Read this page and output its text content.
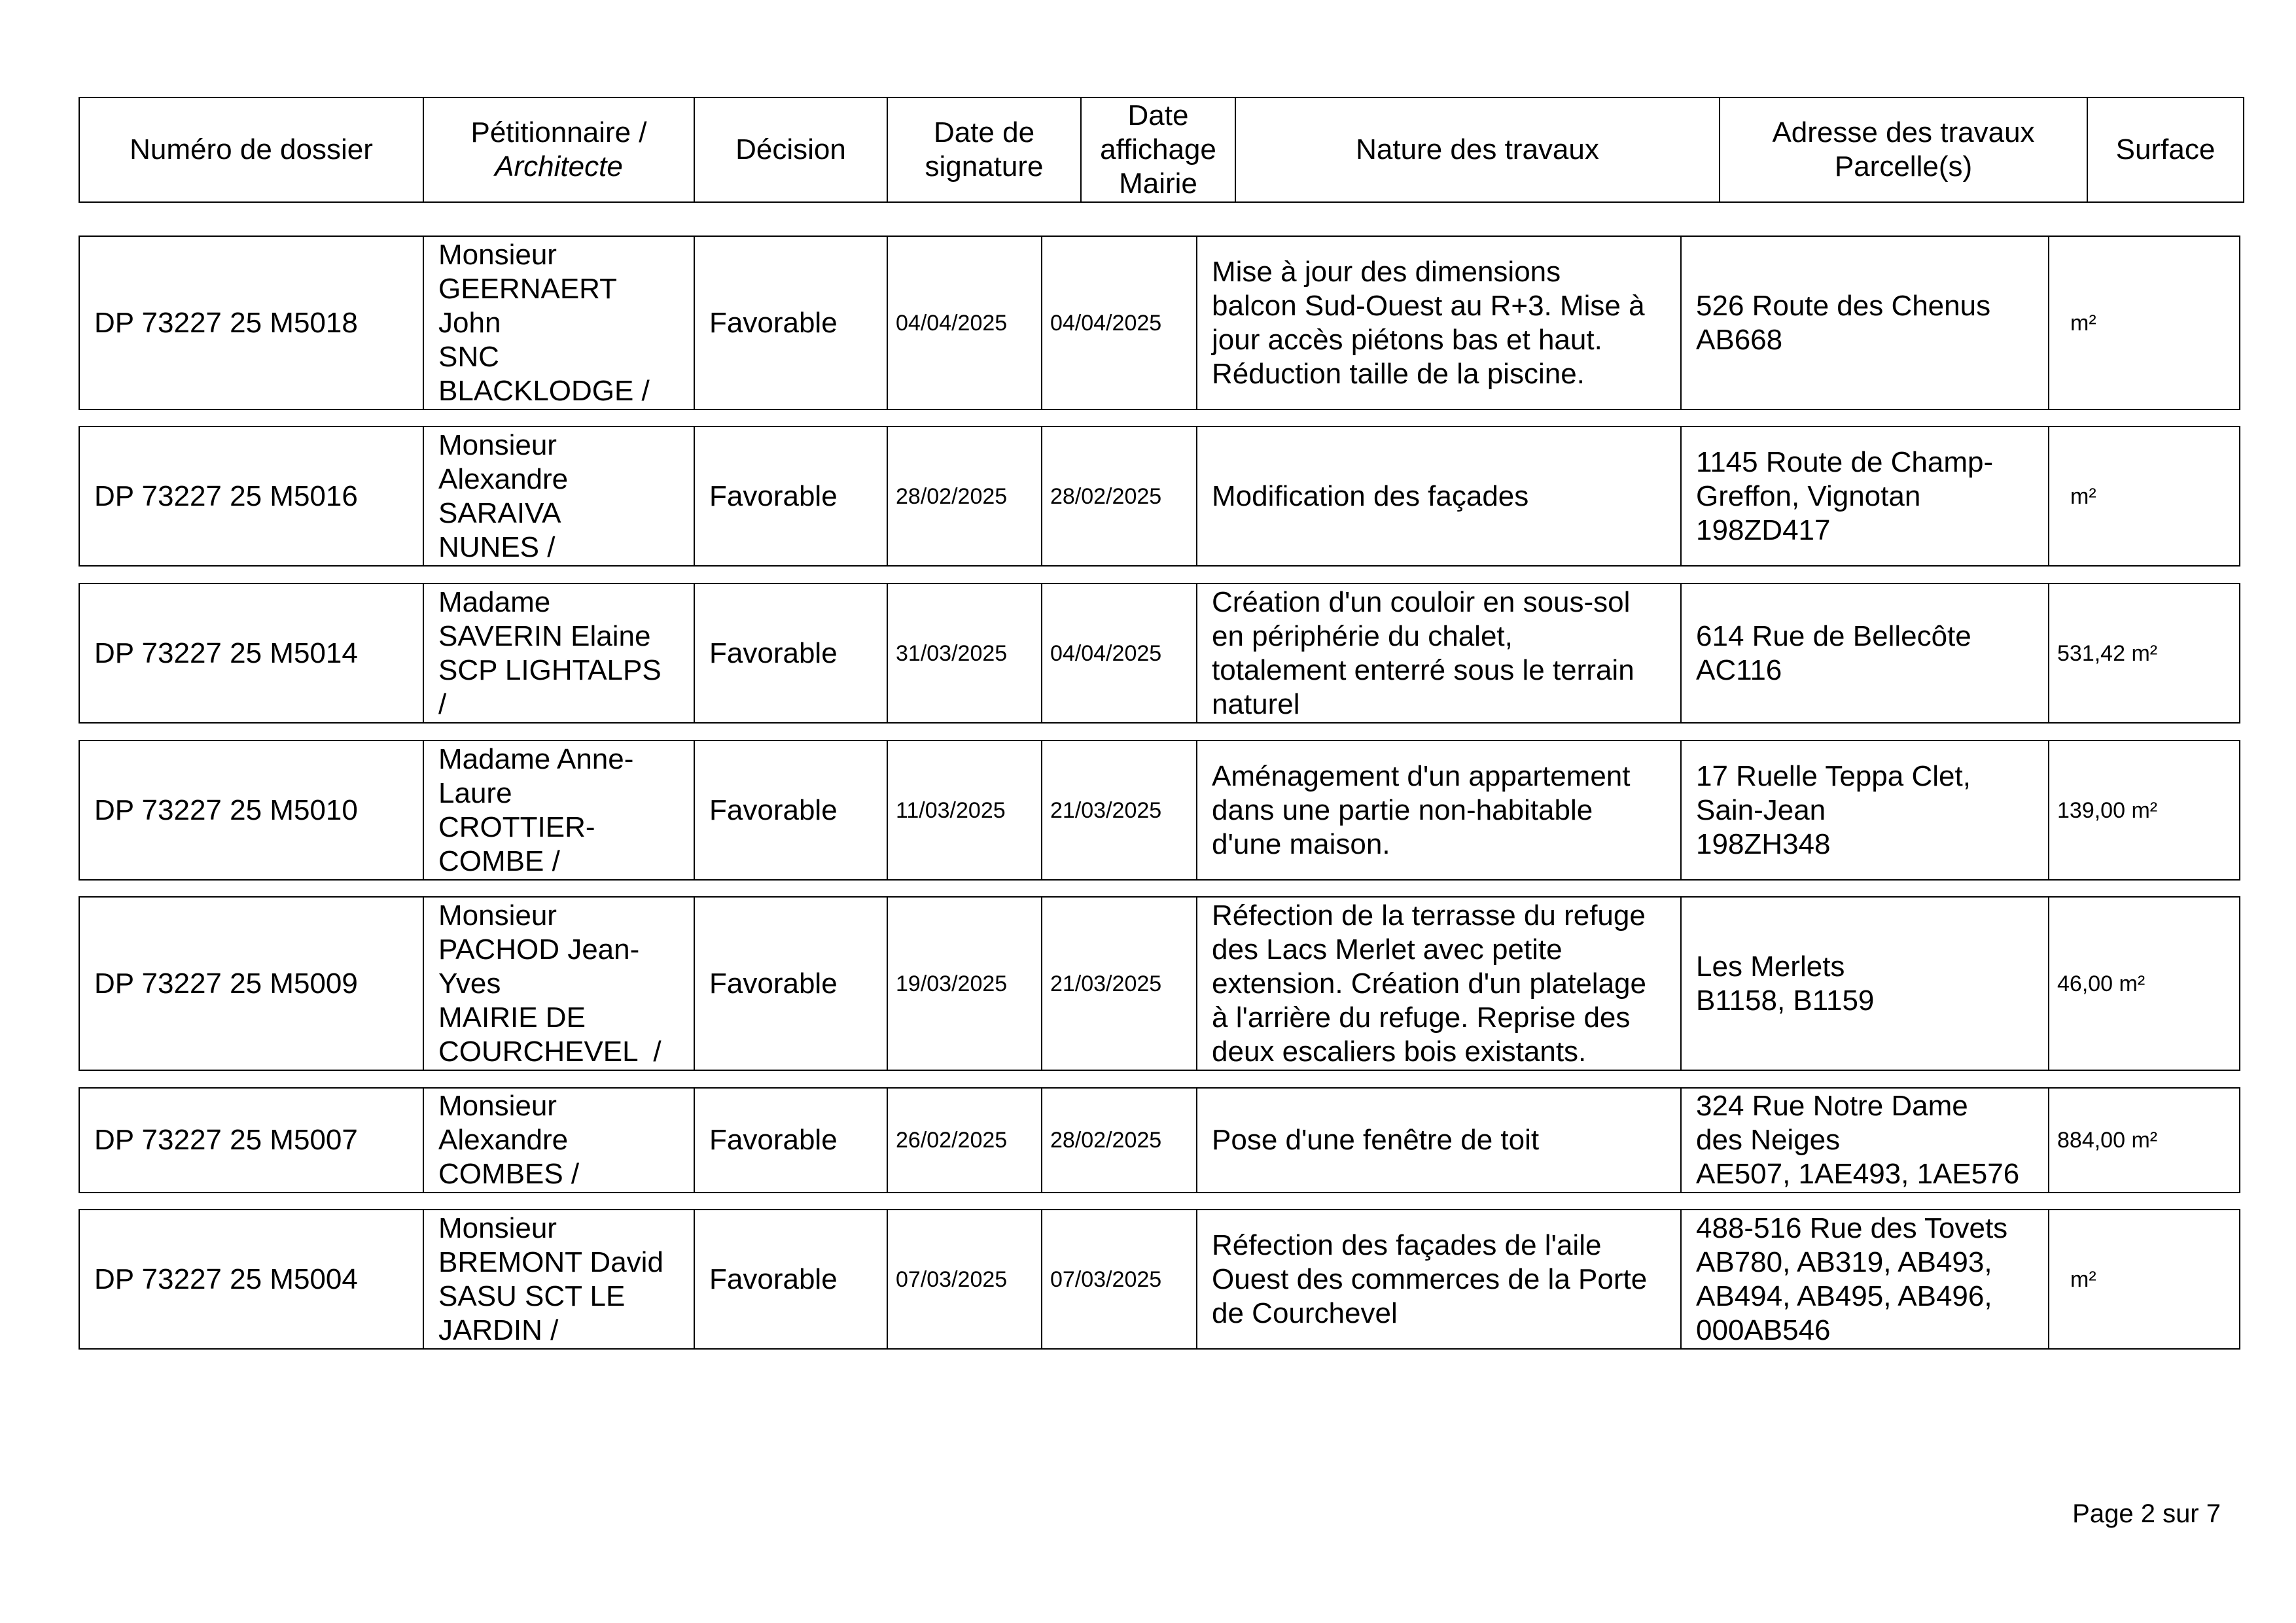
Numéro de dossier	Pétitionnaire /
Architecte	Décision	Date de
signature	Date
affichage
Mairie	Nature des travaux	Adresse des travaux
Parcelle(s)	Surface
DP 73227 25 M5018	Monsieur
GEERNAERT
John
SNC
BLACKLODGE /	Favorable	04/04/2025	04/04/2025	Mise à jour des dimensions
balcon Sud-Ouest au R+3. Mise à
jour accès piétons bas et haut.
Réduction taille de la piscine.	526 Route des Chenus
AB668	m²
DP 73227 25 M5016	Monsieur
Alexandre
SARAIVA
NUNES /	Favorable	28/02/2025	28/02/2025	Modification des façades	1145 Route de Champ-
Greffon, Vignotan
198ZD417	m²
DP 73227 25 M5014	Madame
SAVERIN Elaine
SCP LIGHTALPS
/	Favorable	31/03/2025	04/04/2025	Création d'un couloir en sous-sol
en périphérie du chalet,
totalement enterré sous le terrain
naturel	614 Rue de Bellecôte
AC116	531,42 m²
DP 73227 25 M5010	Madame Anne-
Laure
CROTTIER-
COMBE /	Favorable	11/03/2025	21/03/2025	Aménagement d'un appartement
dans une partie non-habitable
d'une maison.	17 Ruelle Teppa Clet,
Sain-Jean
198ZH348	139,00 m²
DP 73227 25 M5009	Monsieur
PACHOD Jean-
Yves
MAIRIE DE
COURCHEVEL  /	Favorable	19/03/2025	21/03/2025	Réfection de la terrasse du refuge
des Lacs Merlet avec petite
extension. Création d'un platelage
à l'arrière du refuge. Reprise des
deux escaliers bois existants.	Les Merlets
B1158, B1159	46,00 m²
DP 73227 25 M5007	Monsieur
Alexandre
COMBES /	Favorable	26/02/2025	28/02/2025	Pose d'une fenêtre de toit	324 Rue Notre Dame
des Neiges
AE507, 1AE493, 1AE576	884,00 m²
DP 73227 25 M5004	Monsieur
BREMONT David
SASU SCT LE
JARDIN /	Favorable	07/03/2025	07/03/2025	Réfection des façades de l'aile
Ouest des commerces de la Porte
de Courchevel	488-516 Rue des Tovets
AB780, AB319, AB493,
AB494, AB495, AB496,
000AB546	m²
Page 2 sur 7
